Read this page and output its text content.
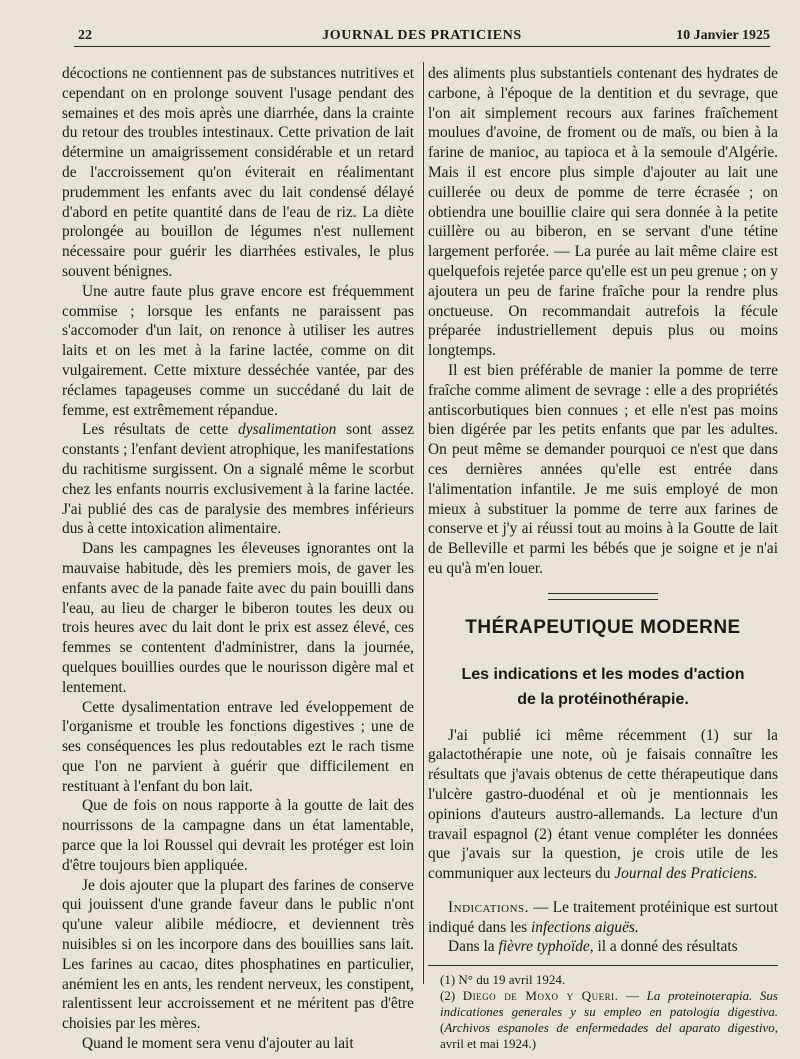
22	JOURNAL DES PRATICIENS	10 Janvier 1925

décoctions ne contiennent pas de substances nutritives et cependant on en prolonge souvent l'usage pendant des semaines et des mois après une diarrhée, dans la crainte du retour des troubles intestinaux. Cette privation de lait détermine un amaigrissement considérable et un retard de l'accroissement qu'on éviterait en réalimentant prudemment les enfants avec du lait condensé délayé d'abord en petite quantité dans de l'eau de riz. La diète prolongée au bouillon de légumes n'est nullement nécessaire pour guérir les diarrhées estivales, le plus souvent bénignes.

Une autre faute plus grave encore est fréquemment commise ; lorsque les enfants ne paraissent pas s'accomoder d'un lait, on renonce à utiliser les autres laits et on les met à la farine lactée, comme on dit vulgairement. Cette mixture desséchée vantée, par des réclames tapageuses comme un succédané du lait de femme, est extrêmement répandue.

Les résultats de cette dysalimentation sont assez constants ; l'enfant devient atrophique, les manifestations du rachitisme surgissent. On a signalé même le scorbut chez les enfants nourris exclusivement à la farine lactée. J'ai publié des cas de paralysie des membres inférieurs dus à cette intoxication alimentaire.

Dans les campagnes les éleveuses ignorantes ont la mauvaise habitude, dès les premiers mois, de gaver les enfants avec de la panade faite avec du pain bouilli dans l'eau, au lieu de charger le biberon toutes les deux ou trois heures avec du lait dont le prix est assez élevé, ces femmes se contentent d'administrer, dans la journée, quelques bouillies ourdes que le nourisson digère mal et lentement.

Cette dysalimentation entrave led éveloppement de l'organisme et trouble les fonctions digestives ; une de ses conséquences les plus redoutables ezt le rach tisme que l'on ne parvient à guérir que difficilement en restituant à l'enfant du bon lait.

Que de fois on nous rapporte à la goutte de lait des nourrissons de la campagne dans un état lamentable, parce que la loi Roussel qui devrait les protéger est loin d'être toujours bien appliquée.

Je dois ajouter que la plupart des farines de conserve qui jouissent d'une grande faveur dans le public n'ont qu'une valeur alibile médiocre, et deviennent très nuisibles si on les incorpore dans des bouillies sans lait. Les farines au cacao, dites phosphatines en particulier, anémient les en ants, les rendent nerveux, les constipent, ralentissent leur accroissement et ne méritent pas d'être choisies par les mères.

Quand le moment sera venu d'ajouter au lait

des aliments plus substantiels contenant des hydrates de carbone, à l'époque de la dentition et du sevrage, que l'on ait simplement recours aux farines fraîchement moulues d'avoine, de froment ou de maïs, ou bien à la farine de manioc, au tapioca et à la semoule d'Algérie. Mais il est encore plus simple d'ajouter au lait une cuillerée ou deux de pomme de terre écrasée ; on obtiendra une bouillie claire qui sera donnée à la petite cuillère ou au biberon, en se servant d'une tétine largement perforée. — La purée au lait même claire est quelquefois rejetée parce qu'elle est un peu grenue ; on y ajoutera un peu de farine fraîche pour la rendre plus onctueuse. On recommandait autrefois la fécule préparée industriellement depuis plus ou moins longtemps.

Il est bien préférable de manier la pomme de terre fraîche comme aliment de sevrage : elle a des propriétés antiscorbutiques bien connues ; et elle n'est pas moins bien digérée par les petits enfants que par les adultes. On peut même se demander pourquoi ce n'est que dans ces dernières années qu'elle est entrée dans l'alimentation infantile. Je me suis employé de mon mieux à substituer la pomme de terre aux farines de conserve et j'y ai réussi tout au moins à la Goutte de lait de Belleville et parmi les bébés que je soigne et je n'ai eu qu'à m'en louer.

THÉRAPEUTIQUE MODERNE
Les indications et les modes d'action
de la protéinothérapie.

J'ai publié ici même récemment (1) sur la galactothérapie une note, où je faisais connaître les résultats que j'avais obtenus de cette thérapeutique dans l'ulcère gastro-duodénal et où je mentionnais les opinions d'auteurs austro-allemands. La lecture d'un travail espagnol (2) étant venue compléter les données que j'avais sur la question, je crois utile de les communiquer aux lecteurs du Journal des Praticiens.

Indications. — Le traitement protéinique est surtout indiqué dans les infections aiguës.

Dans la fièvre typhoïde, il a donné des résultats

(1) N° du 19 avril 1924.

(2) Diego de Moxo y Queri. — La proteinoterapia. Sus indicationes generales y su empleo en patologia digestiva. (Archivos espanoles de enfermedades del aparato digestivo, avril et mai 1924.)
